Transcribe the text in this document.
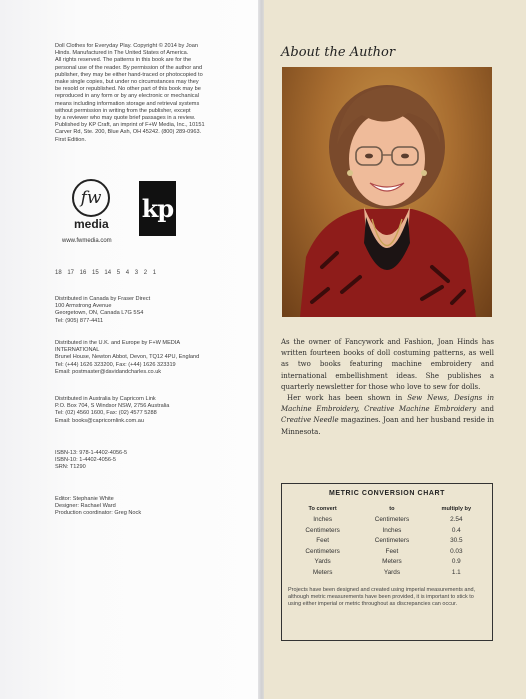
Doll Clothes for Everyday Play. Copyright © 2014 by Joan
Hinds. Manufactured in The United States of America.
All rights reserved. The patterns in this book are for the
personal use of the reader. By permission of the author and
publisher, they may be either hand-traced or photocopied to
make single copies, but under no circumstances may they
be resold or republished. No other part of this book may be
reproduced in any form or by any electronic or mechanical
means including information storage and retrieval systems
without permission in writing from the publisher, except
by a reviewer who may quote brief passages in a review.
Published by KP Craft, an imprint of F+W Media, Inc., 10151
Carver Rd, Ste. 200, Blue Ash, OH 45242. (800) 289-0963.
First Edition.
fw
media
www.fwmedia.com
kp
18 17 16 15 14 5 4 3 2 1
Distributed in Canada by Fraser Direct
100 Armstrong Avenue
Georgetown, ON, Canada L7G 5S4
Tel: (905) 877-4411
Distributed in the U.K. and Europe by F+W MEDIA
INTERNATIONAL
Brunel House, Newton Abbot, Devon, TQ12 4PU, England
Tel: (+44) 1626 323200, Fax: (+44) 1626 323319
Email: postmaster@davidandcharles.co.uk
Distributed in Australia by Capricorn Link
P.O. Box 704, S Windsor NSW, 2756 Australia
Tel: (02) 4560 1600, Fax: (02) 4577 5288
Email: books@capricornlink.com.au
ISBN-13: 978-1-4402-4056-5
ISBN-10: 1-4402-4056-5
SRN: T1290
Editor: Stephanie White
Designer: Rachael Ward
Production coordinator: Greg Nock
About the Author

As the owner of Fancywork and Fashion, Joan Hinds has written fourteen books of doll costuming patterns, as well as two books featuring machine embroidery and international embellishment ideas. She publishes a quarterly newsletter for those who love to sew for dolls.

Her work has been shown in Sew News, Designs in Machine Embroidery, Creative Machine Embroidery and Creative Needle magazines. Joan and her husband reside in Minnesota.

METRIC CONVERSION CHART
To convert	to	multiply by
Inches	Centimeters	2.54
Centimeters	Inches	0.4
Feet	Centimeters	30.5
Centimeters	Feet	0.03
Yards	Meters	0.9
Meters	Yards	1.1
Projects have been designed and created using imperial measurements and, although metric measurements have been provided, it is important to stick to using either imperial or metric throughout as discrepancies can occur.
